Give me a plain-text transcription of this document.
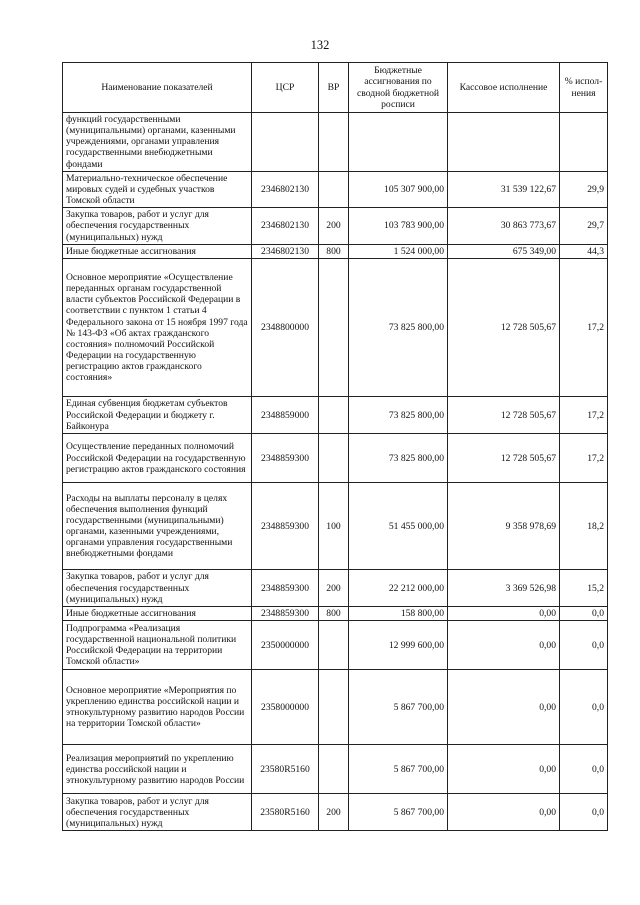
132
Наименование показателей	ЦСР	ВР	Бюджетные ассигнования по сводной бюджетной росписи	Кассовое исполнение	% испол-нения
функций государственными (муниципальными) органами, казенными учреждениями, органами управления государственными внебюджетными фондами					
Материально-техническое обеспечение мировых судей и судебных участков Томской области	2346802130		105 307 900,00	31 539 122,67	29,9
Закупка товаров, работ и услуг для обеспечения государственных (муниципальных) нужд	2346802130	200	103 783 900,00	30 863 773,67	29,7
Иные бюджетные ассигнования	2346802130	800	1 524 000,00	675 349,00	44,3
Основное мероприятие «Осуществление переданных органам государственной власти субъектов Российской Федерации в соответствии с пунктом 1 статьи 4 Федерального закона от 15 ноября 1997 года № 143-ФЗ «Об актах гражданского состояния» полномочий Российской Федерации на государственную регистрацию актов гражданского состояния»	2348800000		73 825 800,00	12 728 505,67	17,2
Единая субвенция бюджетам субъектов Российской Федерации и бюджету г. Байконура	2348859000		73 825 800,00	12 728 505,67	17,2
Осуществление переданных полномочий Российской Федерации на государственную регистрацию актов гражданского состояния	2348859300		73 825 800,00	12 728 505,67	17,2
Расходы на выплаты персоналу в целях обеспечения выполнения функций государственными (муниципальными) органами, казенными учреждениями, органами управления государственными внебюджетными фондами	2348859300	100	51 455 000,00	9 358 978,69	18,2
Закупка товаров, работ и услуг для обеспечения государственных (муниципальных) нужд	2348859300	200	22 212 000,00	3 369 526,98	15,2
Иные бюджетные ассигнования	2348859300	800	158 800,00	0,00	0,0
Подпрограмма «Реализация государственной национальной политики Российской Федерации на территории Томской области»	2350000000		12 999 600,00	0,00	0,0
Основное мероприятие «Мероприятия по укреплению единства российской нации и этнокультурному развитию народов России на территории Томской области»	2358000000		5 867 700,00	0,00	0,0
Реализация мероприятий по укреплению единства российской нации и этнокультурному развитию народов России	23580R5160		5 867 700,00	0,00	0,0
Закупка товаров, работ и услуг для обеспечения государственных (муниципальных) нужд	23580R5160	200	5 867 700,00	0,00	0,0
